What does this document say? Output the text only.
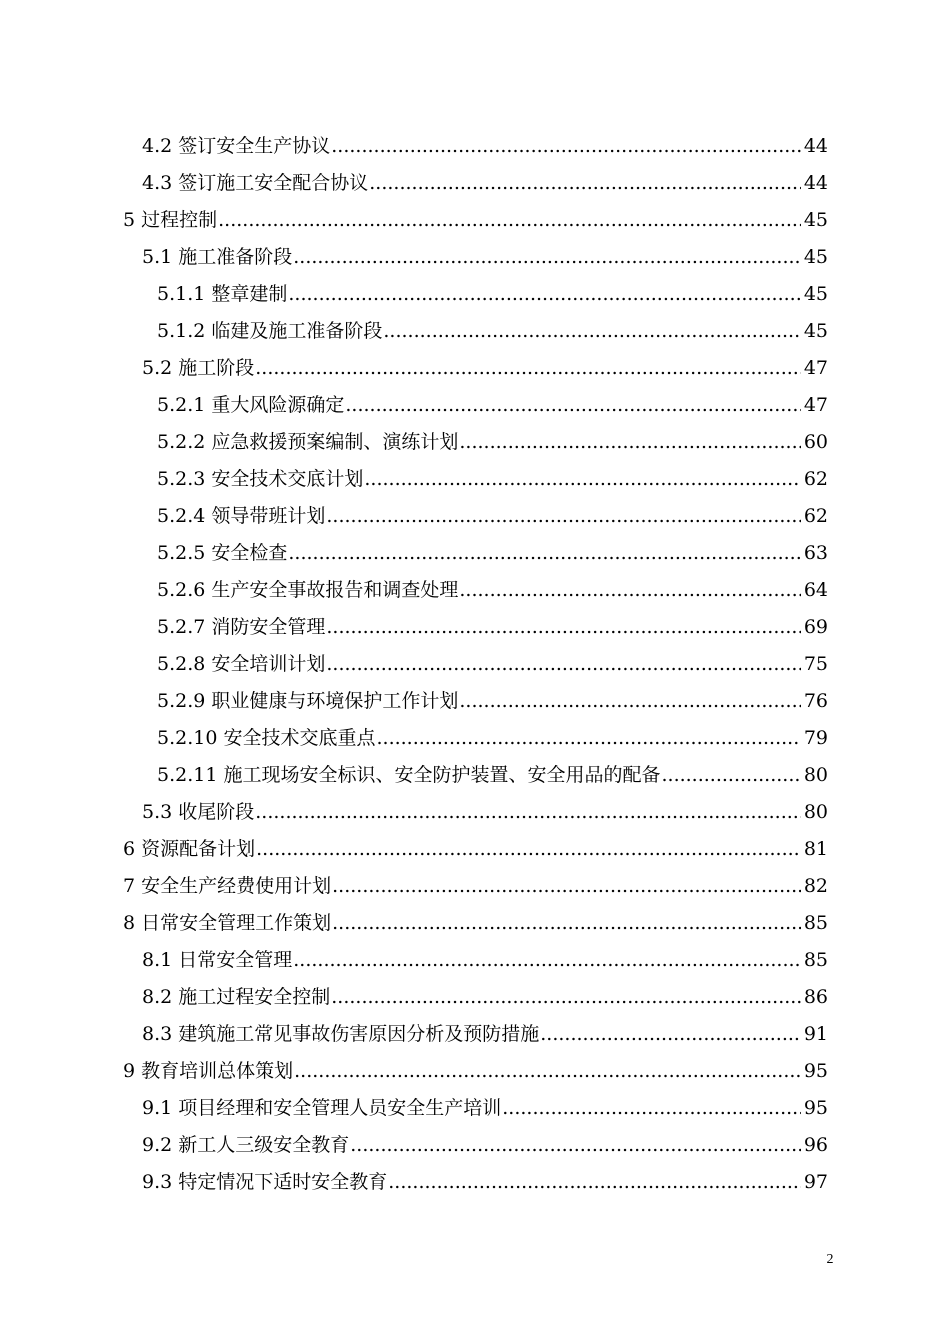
4.2 签订安全生产协议 .....	44
4.3 签订施工安全配合协议 .....	44
5 过程控制 .....	45
5.1 施工准备阶段 .....	45
5.1.1 整章建制 .....	45
5.1.2 临建及施工准备阶段 .....	45
5.2 施工阶段 .....	47
5.2.1 重大风险源确定 .....	47
5.2.2 应急救援预案编制、演练计划 .....	60
5.2.3 安全技术交底计划 .....	62
5.2.4 领导带班计划 .....	62
5.2.5 安全检查 .....	63
5.2.6 生产安全事故报告和调查处理 .....	64
5.2.7 消防安全管理 .....	69
5.2.8 安全培训计划 .....	75
5.2.9 职业健康与环境保护工作计划 .....	76
5.2.10 安全技术交底重点 .....	79
5.2.11 施工现场安全标识、安全防护装置、安全用品的配备 .....	80
5.3 收尾阶段 .....	80
6 资源配备计划 .....	81
7 安全生产经费使用计划 .....	82
8 日常安全管理工作策划 .....	85
8.1 日常安全管理 .....	85
8.2 施工过程安全控制 .....	86
8.3 建筑施工常见事故伤害原因分析及预防措施 .....	91
9 教育培训总体策划 .....	95
9.1 项目经理和安全管理人员安全生产培训 .....	95
9.2 新工人三级安全教育 .....	96
9.3 特定情况下适时安全教育 .....	97
2
